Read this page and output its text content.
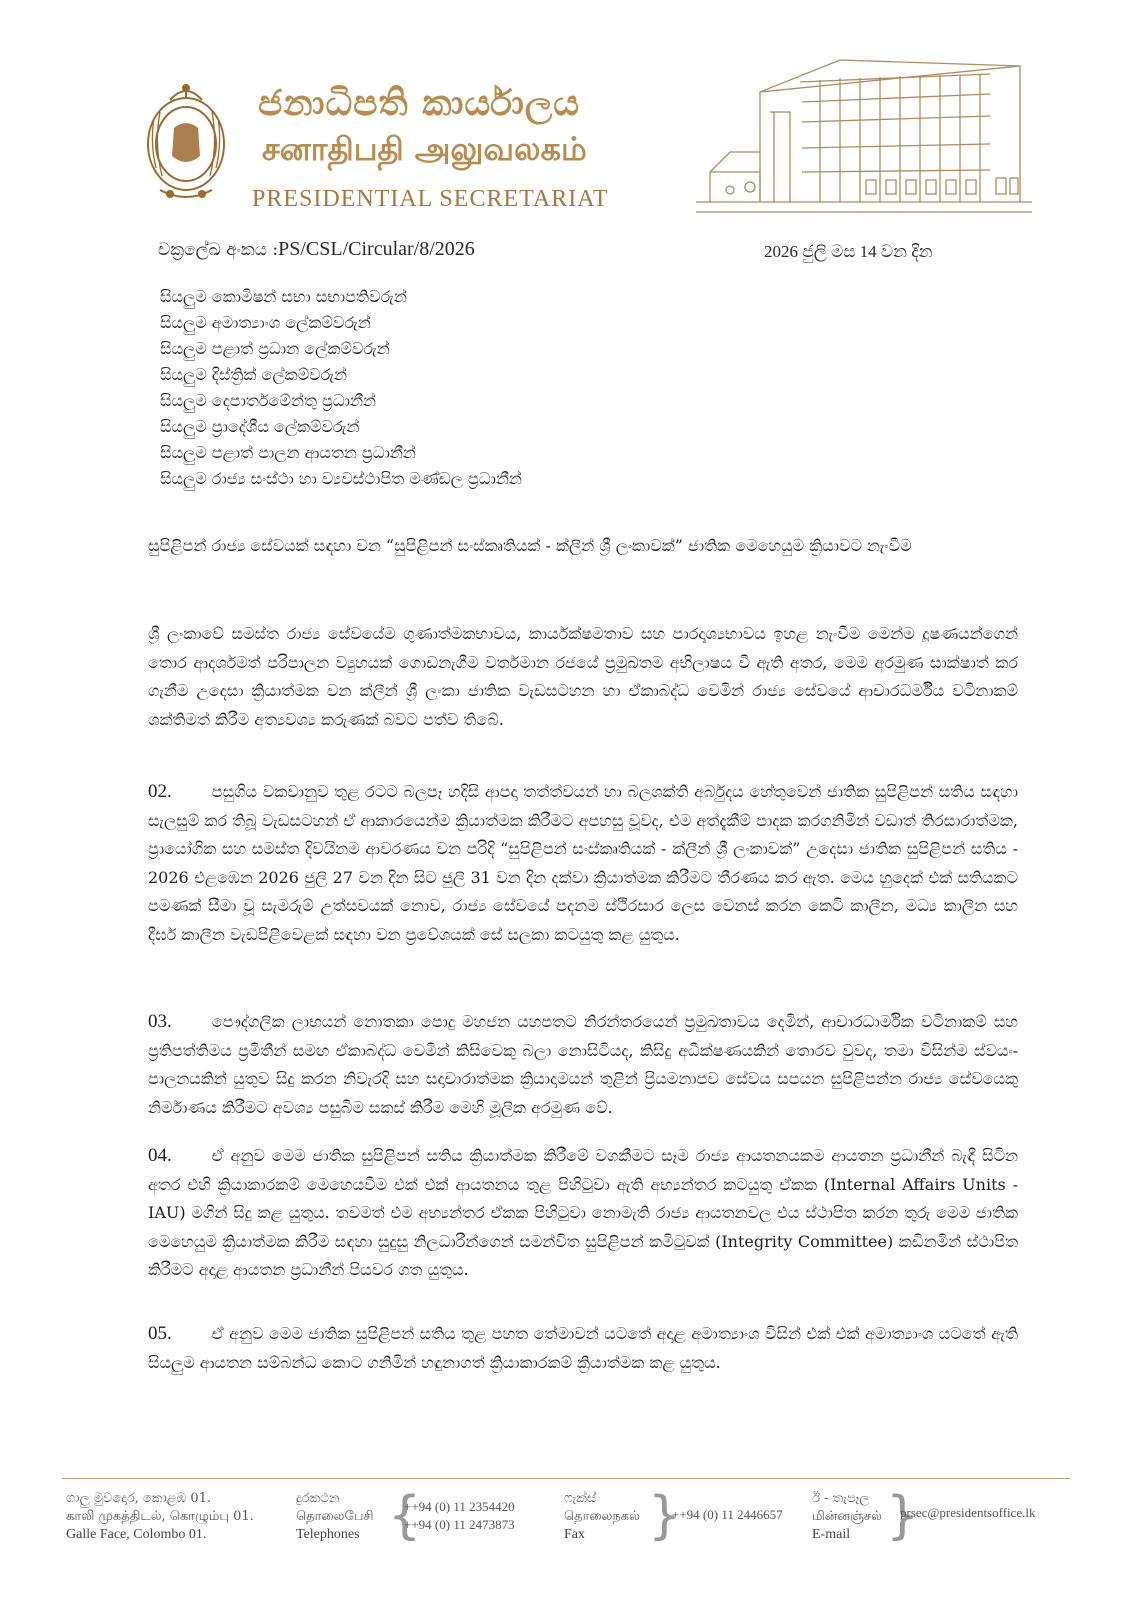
ජනාධිපති කාර්යාලය
சனாதிபதி அலுவலகம்
PRESIDENTIAL SECRETARIAT
චක්‍රලේඛ අංකය :PS/CSL/Circular/8/2026	2026 ජුලි මස 14 වන දින
සියලුම කොමිෂන් සභා සභාපතිවරුන්
සියලුම අමාත්‍යාංශ ලේකම්වරුන්
සියලුම පළාත් ප්‍රධාන ලේකම්වරුන්
සියලුම දිස්ත්‍රික් ලේකම්වරුන්
සියලුම දෙපාර්තමේන්තු ප්‍රධානීන්
සියලුම ප්‍රාදේශීය ලේකම්වරුන්
සියලුම පළාත් පාලන ආයතන ප්‍රධානීන්
සියලුම රාජ්‍ය සංස්ථා හා ව්‍යවස්ථාපිත මණ්ඩල ප්‍රධානීන්
සුපිළිපන් රාජ්‍ය සේවයක් සඳහා වන “සුපිළිපන් සංස්කෘතියක් - ක්ලීන් ශ්‍රී ලංකාවක්” ජාතික මෙහෙයුම ක්‍රියාවට නැංවීම

ශ්‍රී ලංකාවේ සමස්ත රාජ්‍ය සේවයේම ගුණාත්මකභාවය, කාර්යක්ෂමතාව සහ පාරදෘශ්‍යභාවය ඉහළ නැංවීම මෙන්ම දූෂණයන්ගෙන් තොර ආදර්ශමත් පරිපාලන ව්‍යුහයක් ගොඩනැගීම වර්තමාන රජයේ ප්‍රමුඛතම අභිලාෂය වී ඇති අතර, මෙම අරමුණ සාක්ෂාත් කර ගැනීම උදෙසා ක්‍රියාත්මක වන ක්ලීන් ශ්‍රී ලංකා ජාතික වැඩසටහන හා ඒකාබද්ධ වෙමින් රාජ්‍ය සේවයේ ආචාරධර්මීය වටිනාකම් ශක්තිමත් කිරීම අත්‍යවශ්‍ය කරුණක් බවට පත්ව තිබේ.

02.	පසුගිය වකවානුව තුළ රටට බලපෑ හදිසි ආපදා තත්ත්වයන් හා බලශක්ති අර්බුදය හේතුවෙන් ජාතික සුපිළිපන් සතිය සඳහා සැලසුම් කර තිබූ වැඩසටහන් ඒ ආකාරයෙන්ම ක්‍රියාත්මක කිරීමට අපහසු වූවද, එම අත්දැකීම් පාදක කරගනිමින් වඩාත් තිරසාරාත්මක, ප්‍රායෝගික සහ සමස්ත දිවයිනම ආවරණය වන පරිදි “සුපිළිපන් සංස්කෘතියක් - ක්ලීන් ශ්‍රී ලංකාවක්” උදෙසා ජාතික සුපිළිපන් සතිය - 2026 එළඹෙන 2026 ජුලි 27 වන දින සිට ජුලි 31 වන දින දක්වා ක්‍රියාත්මක කිරීමට තීරණය කර ඇත. මෙය හුදෙක් එක් සතියකට පමණක් සීමා වූ සැමරුම් උත්සවයක් නොව, රාජ්‍ය සේවයේ පදනම ස්ථිරසාර ලෙස වෙනස් කරන කෙටි කාලීන, මධ්‍ය කාලීන සහ දීර්ඝ කාලීන වැඩපිළිවෙළක් සඳහා වන ප්‍රවේශයක් සේ සලකා කටයුතු කළ යුතුය.

03.	පෞද්ගලික ලාභයන් නොතකා පොදු මහජන යහපතට නිරන්තරයෙන් ප්‍රමුඛතාවය දෙමින්, ආචාරධාර්මික වටිනාකම් සහ ප්‍රතිපත්තිමය ප්‍රමිතීන් සමඟ ඒකාබද්ධ වෙමින් කිසිවෙකු බලා නොසිටියද, කිසිදු අධීක්ෂණයකින් තොරව වුවද, තමා විසින්ම ස්වයං-පාලනයකින් යුතුව සිදු කරන නිවැරදි සහ සදාචාරාත්මක ක්‍රියාදාමයන් තුළින් ප්‍රියමනාපව සේවය සපයන සුපිළිපන්න රාජ්‍ය සේවයෙකු නිර්මාණය කිරීමට අවශ්‍ය පසුබිම සකස් කිරීම මෙහි මූලික අරමුණ වේ.

04.	ඒ අනුව මෙම ජාතික සුපිළිපන් සතිය ක්‍රියාත්මක කිරීමේ වගකීමට සෑම රාජ්‍ය ආයතනයකම ආයතන ප්‍රධානීන් බැඳී සිටින අතර එහි ක්‍රියාකාරකම් මෙහෙයවීම එක් එක් ආයතනය තුළ පිහිටුවා ඇති අභ්‍යන්තර කටයුතු ඒකක (Internal Affairs Units - IAU) මගින් සිදු කළ යුතුය. තවමත් එම අභ්‍යන්තර ඒකක පිහිටුවා නොමැති රාජ්‍ය ආයතනවල එය ස්ථාපිත කරන තුරු මෙම ජාතික මෙහෙයුම ක්‍රියාත්මක කිරීම සඳහා සුදුසු නිලධාරීන්ගෙන් සමන්විත සුපිළිපන් කමිටුවක් (Integrity Committee) කඩිනමින් ස්ථාපිත කිරීමට අදාළ ආයතන ප්‍රධානීන් පියවර ගත යුතුය.

05.	ඒ අනුව මෙම ජාතික සුපිළිපන් සතිය තුළ පහත තේමාවන් යටතේ අදාළ අමාත්‍යාංශ විසින් එක් එක් අමාත්‍යාංශ යටතේ ඇති සියලුම ආයතන සම්බන්ධ කොට ගනිමින් හඳුනාගත් ක්‍රියාකාරකම් ක්‍රියාත්මක කළ යුතුය.

ගාලු මුවදොර, කොළඹ 01.
காலி முகத்திடல், கொழும்பு 01.
Galle Face, Colombo 01.
දුරකථන
தொலைபேசி
Telephones {
++94 (0) 11 2354420
++94 (0) 11 2473873
ෆැක්ස්
தொலைநகல்
Fax	}
++94 (0) 11 2446657
ඊ - තැපෑල
மின்னஞ்சல்
E-mail }
prsec@presidentsoffice.lk
